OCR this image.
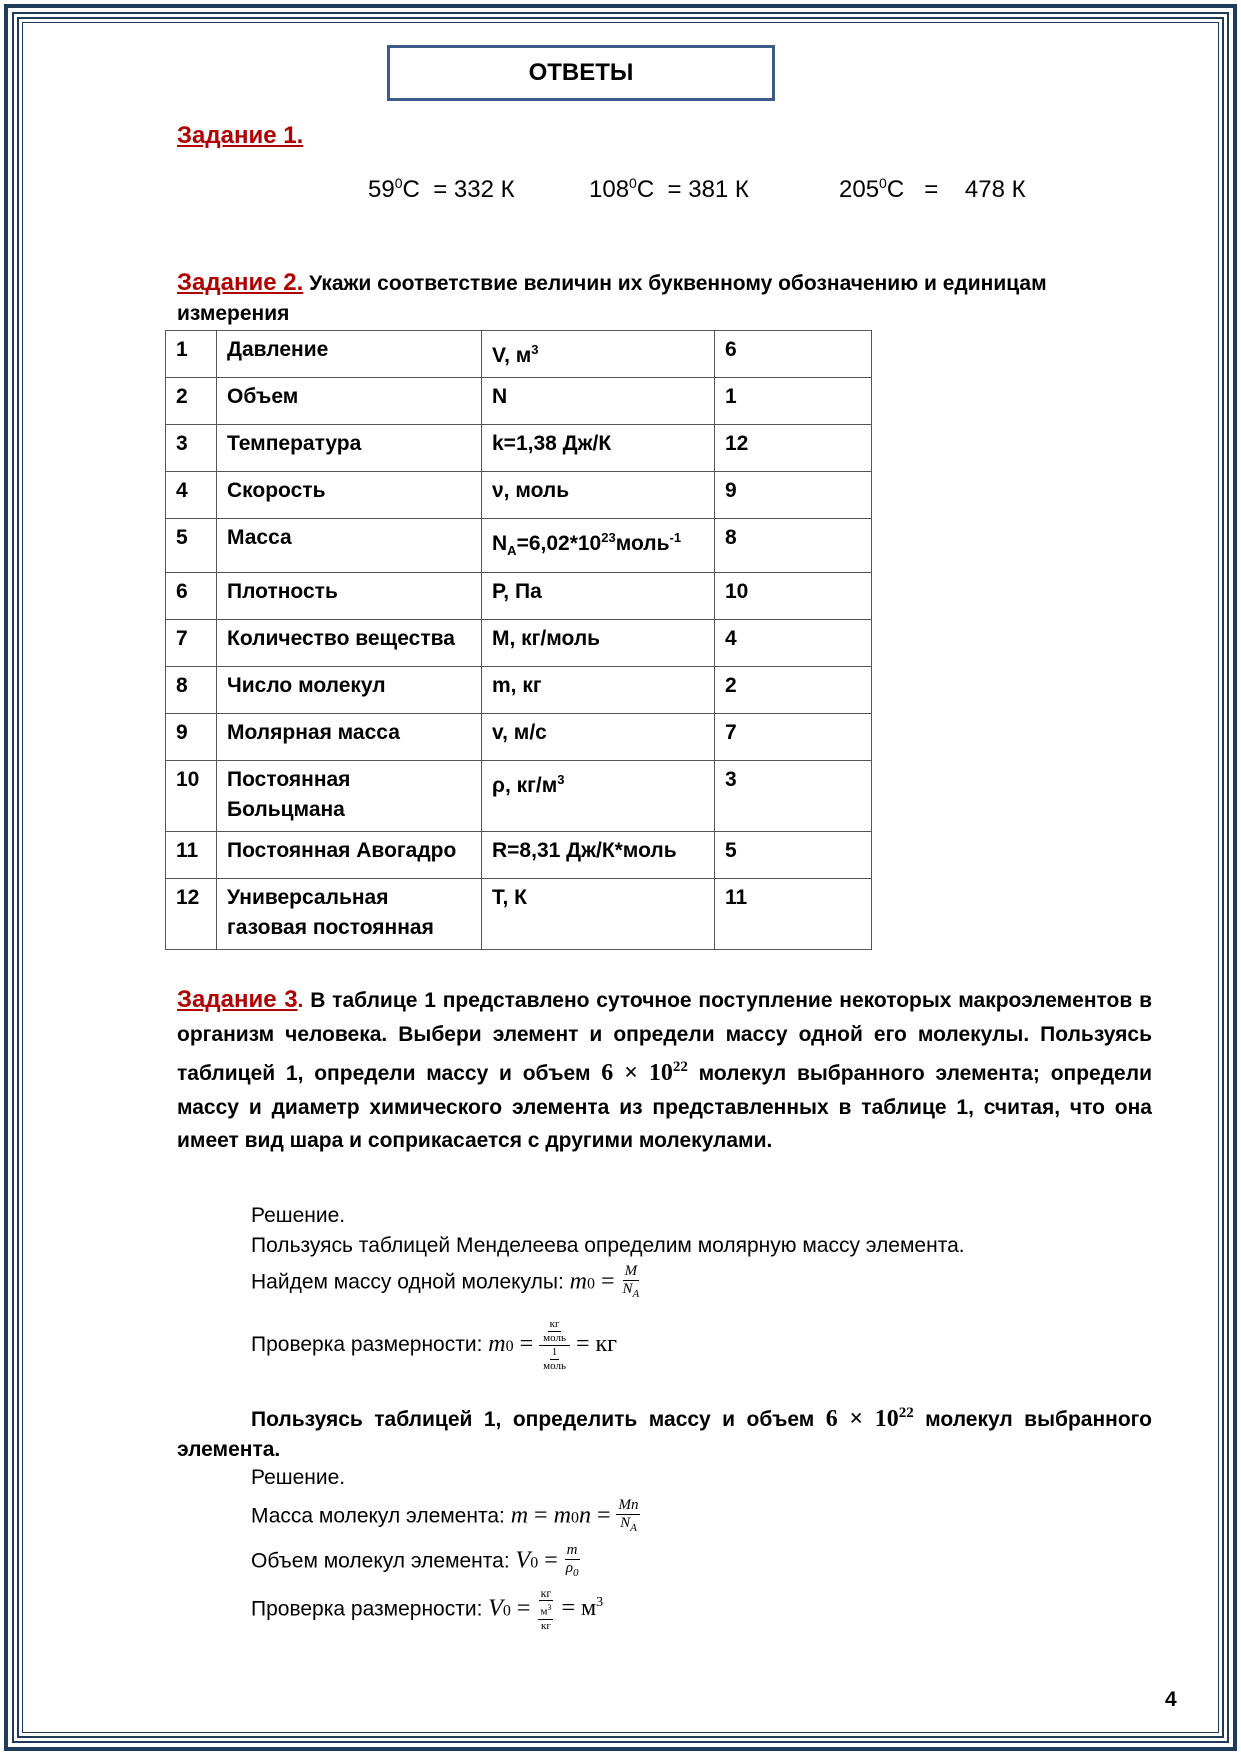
ОТВЕТЫ
Задание 1.
$59^0С = 332$ К	$108^0С = 381$ К	$205^0С$ =    478 К
Задание 2. Укажи соответствие величин их буквенному обозначению и единицам измерения
1	Давление	V, $м^3$	6
2	Объем	N	1
3	Температура	k=1,38 Дж/К	12
4	Скорость	ν, моль	9
5	Масса	$N_A=6,02*10^{23}моль^{-1}$	8
6	Плотность	P, Па	10
7	Количество вещества	M, кг/моль	4
8	Число молекул	m, кг	2
9	Молярная масса	v, м/с	7
10	Постоянная Больцмана	ρ, $кг/м^3$	3
11	Постоянная Авогадро	R=8,31 Дж/К*моль	5
12	Универсальная газовая постоянная	T, К	11
Задание 3. В таблице 1 представлено суточное поступление некоторых макроэлементов в организм человека. Выбери элемент и определи массу одной его молекулы. Пользуясь таблицей 1, определи массу и объем $6 \times 10^{22}$ молекул выбранного элемента; определи массу и диаметр химического элемента из представленных в таблице 1, считая, что она имеет вид шара и соприкасается с другими молекулами.
Решение.
Пользуясь таблицей Менделеева определим молярную массу элемента.
Найдем массу одной молекулы: $m0 = \frac{M}{N_A}$
Проверка размерности: $m0 = \frac{\frac{кг}{\text{моль}}}{\frac{1}{\text{моль}}}$ = кг
Пользуясь таблицей 1, определить массу и объем $6 \times 10^{22}$ молекул выбранного элемента.
Решение.
Масса молекул элемента: $m = m0n = \frac{Mn}{N_A}$
Объем молекул элемента: $V0 = \frac{m}{\rho_0}$
Проверка размерности: $V0 = \frac{кг}{\frac{м^3}{кг}} = м^3$
4
